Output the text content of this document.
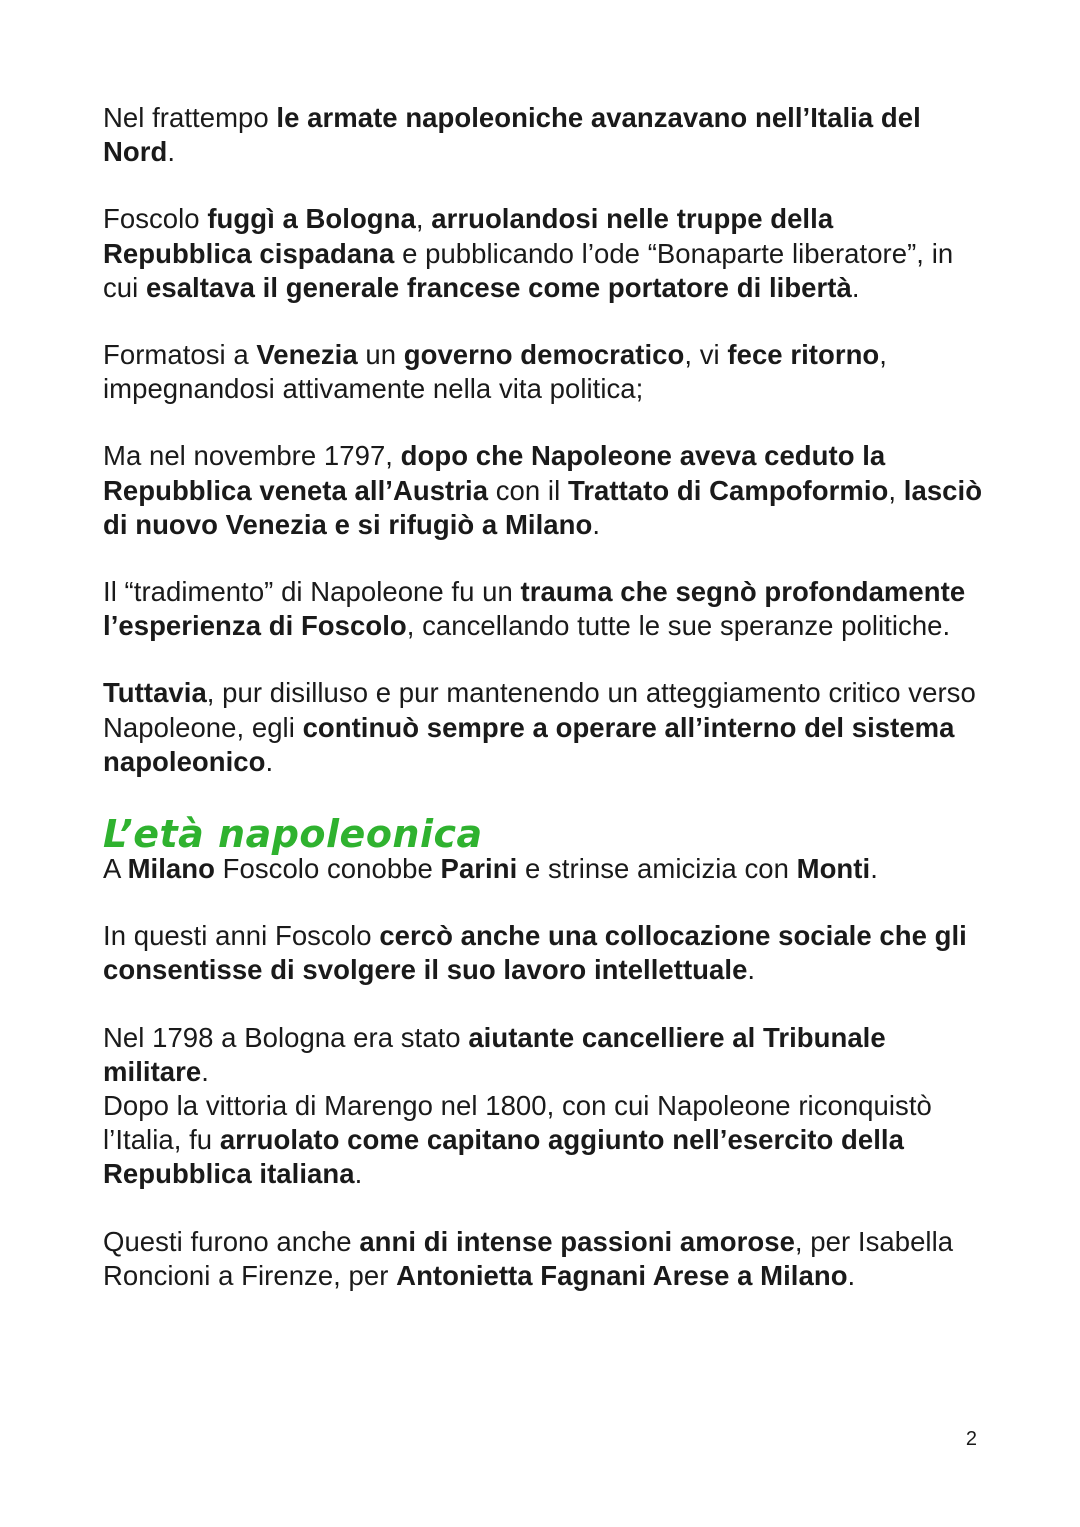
Nel frattempo le armate napoleoniche avanzavano nell’Italia del Nord.

Foscolo fuggì a Bologna, arruolandosi nelle truppe della Repubblica cispadana e pubblicando l’ode “Bonaparte liberatore”, in cui esaltava il generale francese come portatore di libertà.

Formatosi a Venezia un governo democratico, vi fece ritorno, impegnandosi attivamente nella vita politica;

Ma nel novembre 1797, dopo che Napoleone aveva ceduto la Repubblica veneta all’Austria con il Trattato di Campoformio, lasciò di nuovo Venezia e si rifugiò a Milano.

Il “tradimento” di Napoleone fu un trauma che segnò profondamente l’esperienza di Foscolo, cancellando tutte le sue speranze politiche.

Tuttavia, pur disilluso e pur mantenendo un atteggiamento critico verso Napoleone, egli continuò sempre a operare all’interno del sistema napoleonico.

L’età napoleonica

A Milano Foscolo conobbe Parini e strinse amicizia con Monti.

In questi anni Foscolo cercò anche una collocazione sociale che gli consentisse di svolgere il suo lavoro intellettuale.

Nel 1798 a Bologna era stato aiutante cancelliere al Tribunale militare.

Dopo la vittoria di Marengo nel 1800, con cui Napoleone riconquistò l’Italia, fu arruolato come capitano aggiunto nell’esercito della Repubblica italiana.

Questi furono anche anni di intense passioni amorose, per Isabella Roncioni a Firenze, per Antonietta Fagnani Arese a Milano.

2
